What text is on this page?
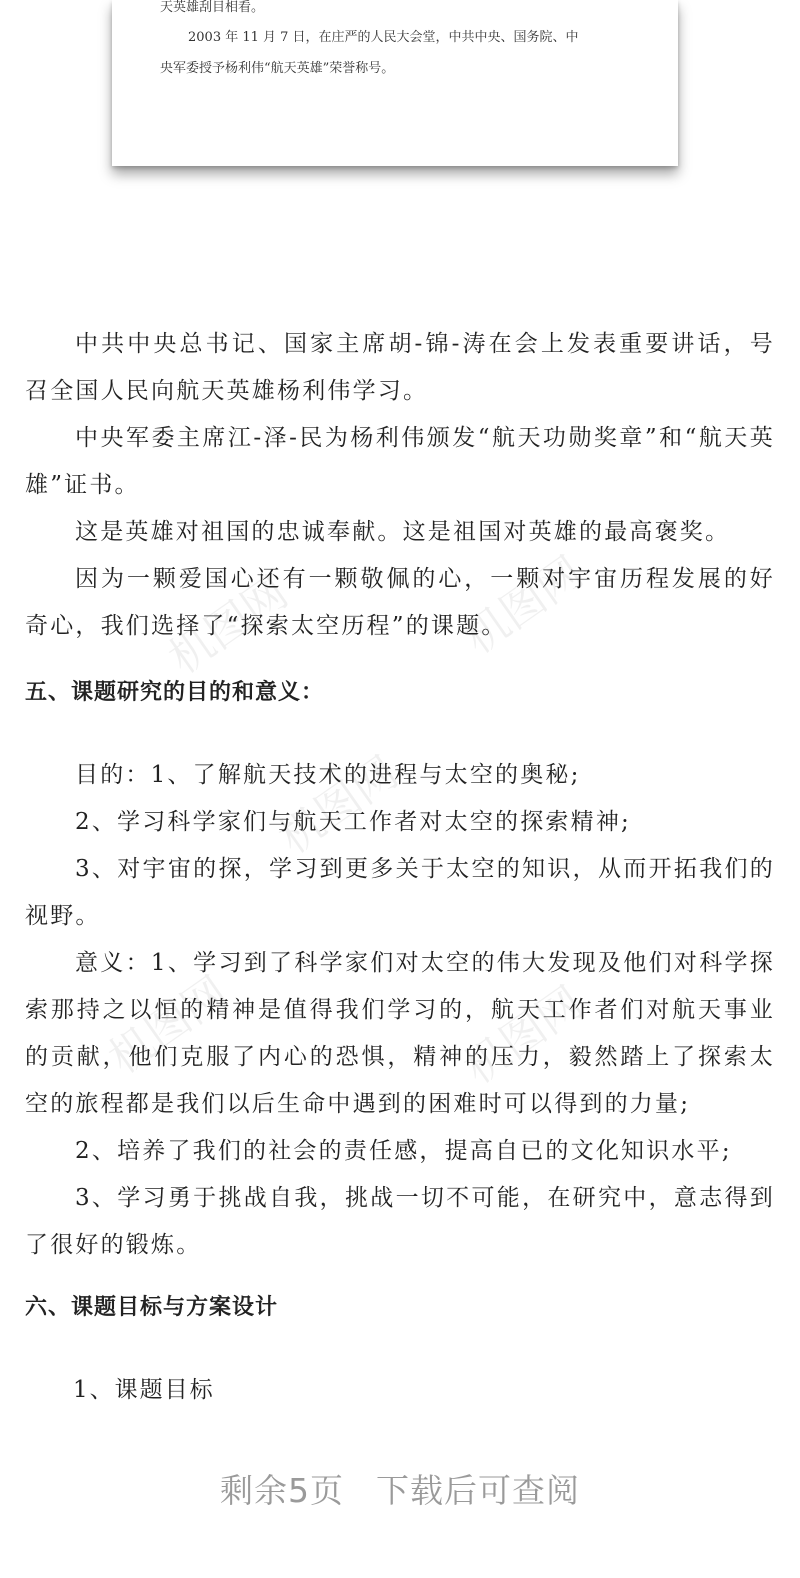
天英雄刮目相看。
2003 年 11 月 7 日，在庄严的人民大会堂，中共中央、国务院、中
央军委授予杨利伟“航天英雄”荣誉称号。

中共中央总书记、国家主席胡-锦-涛在会上发表重要讲话，号召全国人民向航天英雄杨利伟学习。

中央军委主席江-泽-民为杨利伟颁发“航天功勋奖章”和“航天英雄”证书。

这是英雄对祖国的忠诚奉献。这是祖国对英雄的最高褒奖。

因为一颗爱国心还有一颗敬佩的心，一颗对宇宙历程发展的好奇心，我们选择了“探索太空历程”的课题。

五、课题研究的目的和意义：

目的：1、了解航天技术的进程与太空的奥秘;

2、学习科学家们与航天工作者对太空的探索精神;

3、对宇宙的探，学习到更多关于太空的知识，从而开拓我们的视野。

意义：1、学习到了科学家们对太空的伟大发现及他们对科学探索那持之以恒的精神是值得我们学习的，航天工作者们对航天事业的贡献，他们克服了内心的恐惧，精神的压力，毅然踏上了探索太空的旅程都是我们以后生命中遇到的困难时可以得到的力量;

2、培养了我们的社会的责任感，提高自已的文化知识水平;

3、学习勇于挑战自我，挑战一切不可能，在研究中，意志得到了很好的锻炼。

六、课题目标与方案设计
1、课题目标
机图网
机图网
机图网
机图网
机图网
剩余5页 下载后可查阅
